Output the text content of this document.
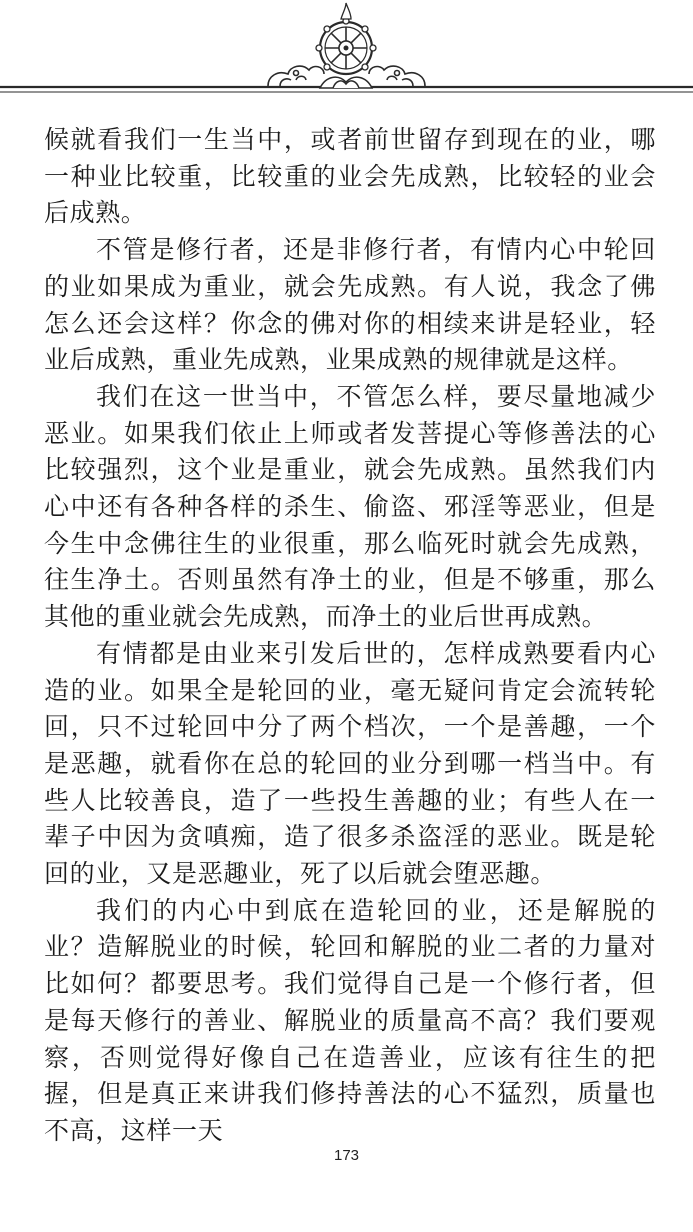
候就看我们一生当中，或者前世留存到现在的业，哪一种业比较重，比较重的业会先成熟，比较轻的业会后成熟。

不管是修行者，还是非修行者，有情内心中轮回的业如果成为重业，就会先成熟。有人说，我念了佛怎么还会这样？你念的佛对你的相续来讲是轻业，轻业后成熟，重业先成熟，业果成熟的规律就是这样。

我们在这一世当中，不管怎么样，要尽量地减少恶业。如果我们依止上师或者发菩提心等修善法的心比较强烈，这个业是重业，就会先成熟。虽然我们内心中还有各种各样的杀生、偷盗、邪淫等恶业，但是今生中念佛往生的业很重，那么临死时就会先成熟，往生净土。否则虽然有净土的业，但是不够重，那么其他的重业就会先成熟，而净土的业后世再成熟。

有情都是由业来引发后世的，怎样成熟要看内心造的业。如果全是轮回的业，毫无疑问肯定会流转轮回，只不过轮回中分了两个档次，一个是善趣，一个是恶趣，就看你在总的轮回的业分到哪一档当中。有些人比较善良，造了一些投生善趣的业；有些人在一辈子中因为贪嗔痴，造了很多杀盗淫的恶业。既是轮回的业，又是恶趣业，死了以后就会堕恶趣。

我们的内心中到底在造轮回的业，还是解脱的业？造解脱业的时候，轮回和解脱的业二者的力量对比如何？都要思考。我们觉得自己是一个修行者，但是每天修行的善业、解脱业的质量高不高？我们要观察，否则觉得好像自己在造善业，应该有往生的把握，但是真正来讲我们修持善法的心不猛烈，质量也不高，这样一天

173
